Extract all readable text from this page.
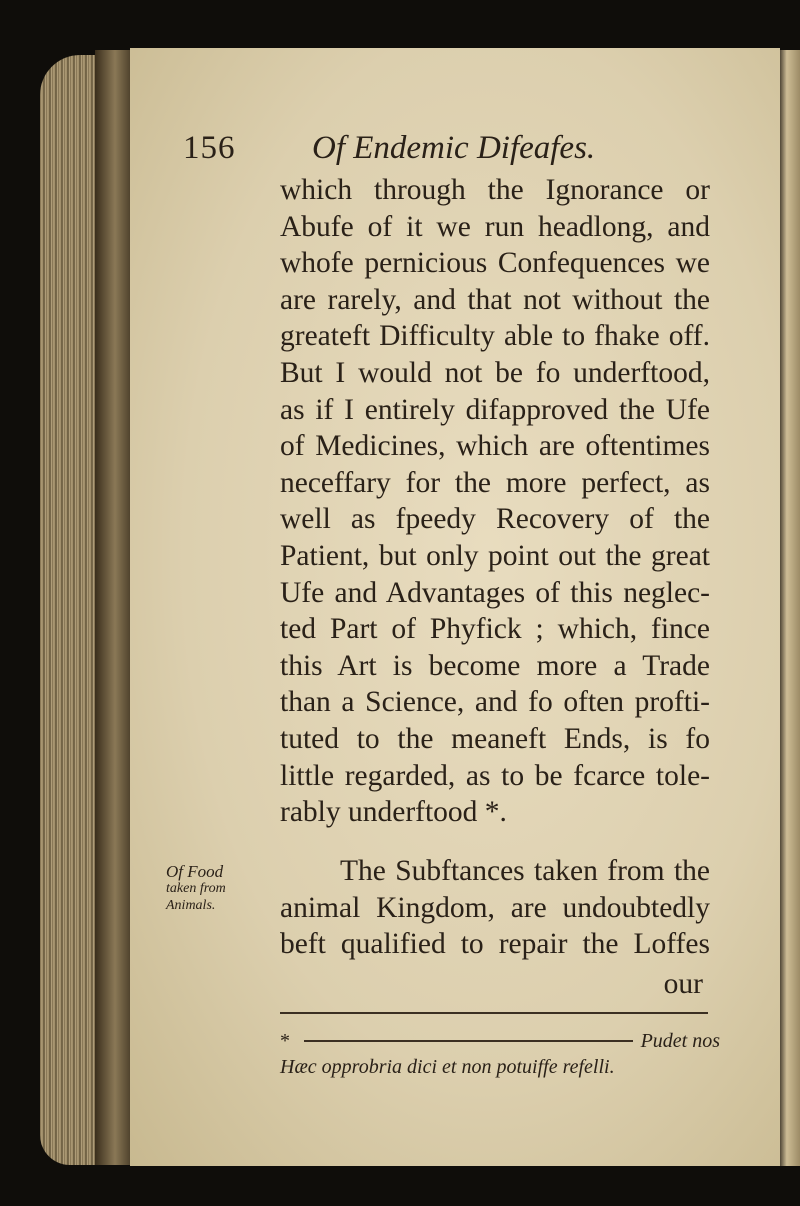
156 Of Endemic Difeafes.
which through the Ignorance or
Abufe of it we run headlong, and
whofe pernicious Confequences we
are rarely, and that not without the
greateft Difficulty able to fhake off.
But I would not be fo underftood,
as if I entirely difapproved the Ufe
of Medicines, which are oftentimes
neceffary for the more perfect, as
well as fpeedy Recovery of the
Patient, but only point out the great
Ufe and Advantages of this neglec-
ted Part of Phyfick ; which, fince
this Art is become more a Trade
than a Science, and fo often profti-
tuted to the meaneft Ends, is fo
little regarded, as to be fcarce tole-
rably underftood *.
Of Food
taken from
Animals.
The Subftances taken from the
animal Kingdom, are undoubtedly
beft qualified to repair the Loffes
our
*	Pudet nos
Hæc opprobria dici et non potuiffe refelli.
